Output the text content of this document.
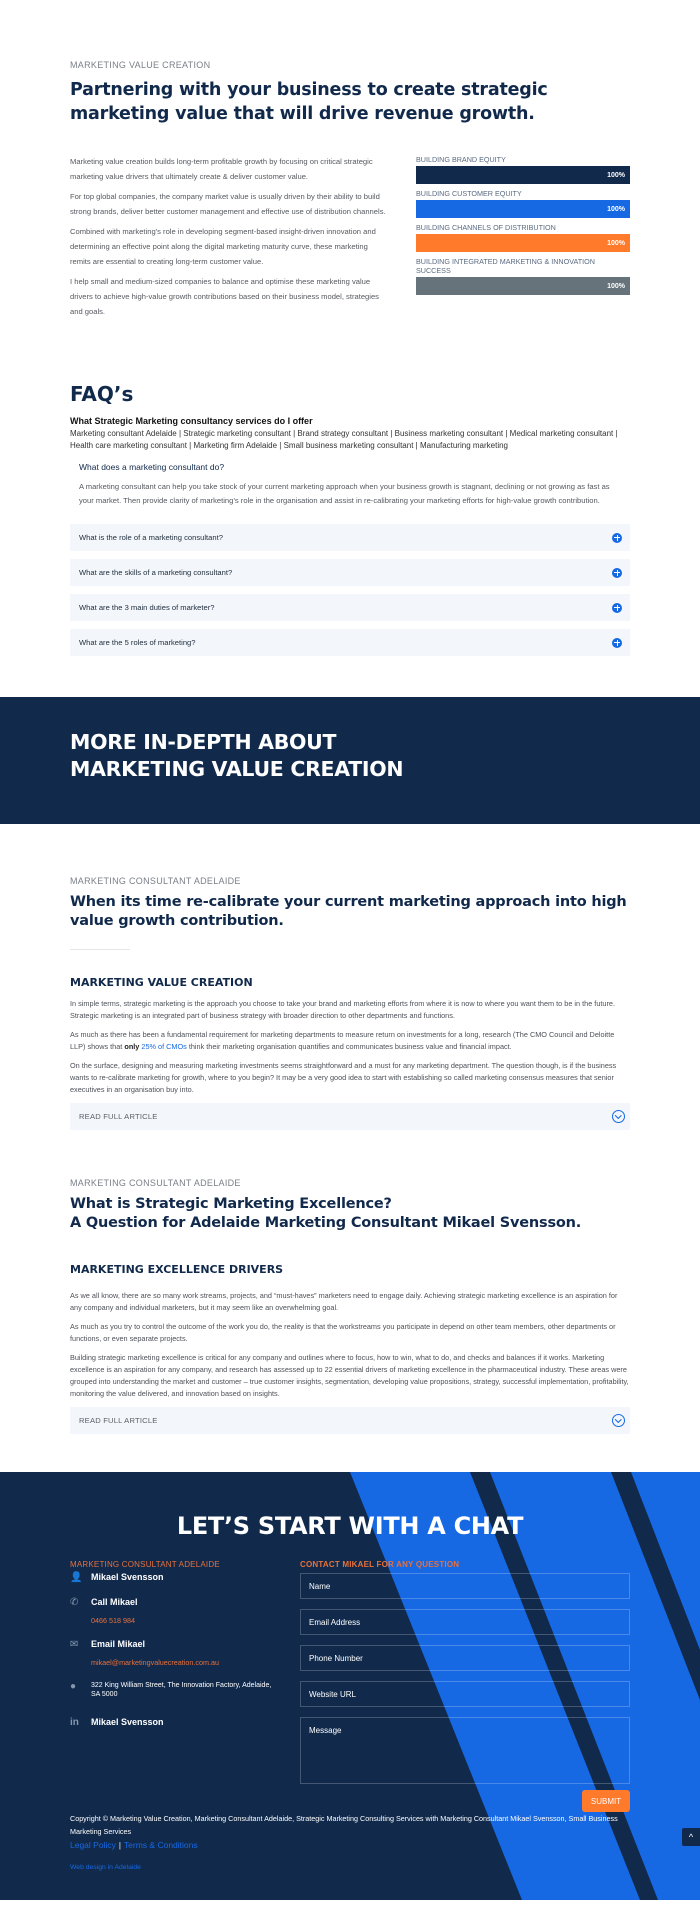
MARKETING VALUE CREATION
Partnering with your business to create strategic marketing value that will drive revenue growth.

Marketing value creation builds long-term profitable growth by focusing on critical strategic marketing value drivers that ultimately create & deliver customer value.

For top global companies, the company market value is usually driven by their ability to build strong brands, deliver better customer management and effective use of distribution channels.

Combined with marketing's role in developing segment-based insight-driven innovation and determining an effective point along the digital marketing maturity curve, these marketing remits are essential to creating long-term customer value.

I help small and medium-sized companies to balance and optimise these marketing value drivers to achieve high-value growth contributions based on their business model, strategies and goals.

BUILDING BRAND EQUITY
100%
BUILDING CUSTOMER EQUITY
100%
BUILDING CHANNELS OF DISTRIBUTION
100%
BUILDING INTEGRATED MARKETING & INNOVATION SUCCESS
100%
FAQ’s
What Strategic Marketing consultancy services do I offer
Marketing consultant Adelaide | Strategic marketing consultant | Brand strategy consultant | Business marketing consultant | Medical marketing consultant | Health care marketing consultant | Marketing firm Adelaide | Small business marketing consultant | Manufacturing marketing
What does a marketing consultant do?
A marketing consultant can help you take stock of your current marketing approach when your business growth is stagnant, declining or not growing as fast as your market. Then provide clarity of marketing’s role in the organisation and assist in re-calibrating your marketing efforts for high-value growth contribution.
What is the role of a marketing consultant?
What are the skills of a marketing consultant?
What are the 3 main duties of marketer?
What are the 5 roles of marketing?
MORE IN-DEPTH ABOUT
MARKETING VALUE CREATION
MARKETING CONSULTANT ADELAIDE
When its time re-calibrate your current marketing approach into high value growth contribution.
MARKETING VALUE CREATION

In simple terms, strategic marketing is the approach you choose to take your brand and marketing efforts from where it is now to where you want them to be in the future. Strategic marketing is an integrated part of business strategy with broader direction to other departments and functions.

As much as there has been a fundamental requirement for marketing departments to measure return on investments for a long, research (The CMO Council and Deloitte LLP) shows that only 25% of CMOs think their marketing organisation quantifies and communicates business value and financial impact.

On the surface, designing and measuring marketing investments seems straightforward and a must for any marketing department. The question though, is if the business wants to re-calibrate marketing for growth, where to you begin? It may be a very good idea to start with establishing so called marketing consensus measures that senior executives in an organisation buy into.

READ FULL ARTICLE
MARKETING CONSULTANT ADELAIDE
What is Strategic Marketing Excellence?
A Question for Adelaide Marketing Consultant Mikael Svensson.
MARKETING EXCELLENCE DRIVERS

As we all know, there are so many work streams, projects, and “must-haves” marketers need to engage daily. Achieving strategic marketing excellence is an aspiration for any company and individual marketers, but it may seem like an overwhelming goal.

As much as you try to control the outcome of the work you do, the reality is that the workstreams you participate in depend on other team members, other departments or functions, or even separate projects.

Building strategic marketing excellence is critical for any company and outlines where to focus, how to win, what to do, and checks and balances if it works. Marketing excellence is an aspiration for any company, and research has assessed up to 22 essential drivers of marketing excellence in the pharmaceutical industry. These areas were grouped into understanding the market and customer – true customer insights, segmentation, developing value propositions, strategy, successful implementation, profitability, monitoring the value delivered, and innovation based on insights.

READ FULL ARTICLE
LET’S START WITH A CHAT
MARKETING CONSULTANT ADELAIDE
👤 Mikael Svensson
✆	Call Mikael
0466 518 984
✉	Email Mikael
mikael@marketingvaluecreation.com.au
●	322 King William Street, The Innovation Factory, Adelaide, SA 5000
in	Mikael Svensson
CONTACT MIKAEL FOR ANY QUESTION
Name
Email Address
Phone Number
Website URL
Message
SUBMIT
Copyright © Marketing Value Creation, Marketing Consultant Adelaide, Strategic Marketing Consulting Services with Marketing Consultant Mikael Svensson, Small Business Marketing Services
Legal Policy | Terms & Conditions
Web design in Adelaide
^
